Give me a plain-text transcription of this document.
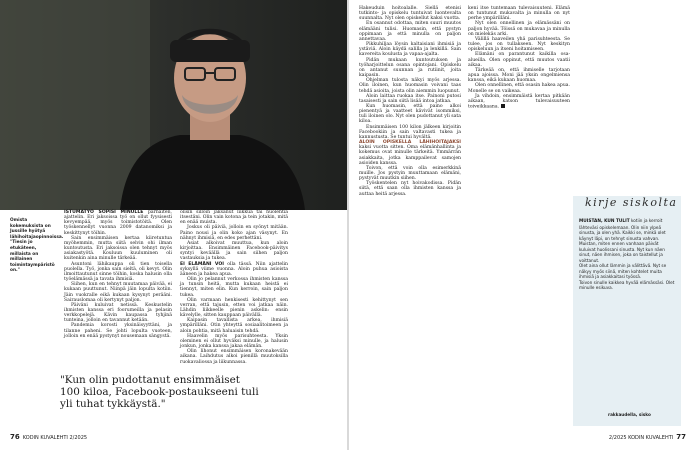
Omista kokemuksista on Jussille hyötyä lähihoitajaopinnoissa. "Tiesin jo etukäteen, millaista on millainen toimintaympäristö on."

ISTUMATYÖ SOPISI MINULLE parhaiten, ajattelin. Eri jaksoissa työ on ollut fyysisesti kevyempää, myös toimistotöitä. Olen työskennellyt vuonna 2009 datanomiksi ja keskittynyt töihin.

Sain ensimmäisen kertaa kiiretuntua myöhemmin, mutta siitä selvin ohi ilman kuntoutusta. Eri jaksoissa olen tehnyt myös asiakastyötä. Kouluun kuuluminen oli kuitenkin aina minulle tärkeää.

Asuntoni lähikauppa oli tien toisella puolella. Työ, jonka sain sieltä, oli kevyt. Olin ilmoittautunut sinne töihin, koska halusin olla työelämässä ja tavata ihmisiä.

Siihen, kun en tehnyt muutamaa päivää, ei kukaan puuttunut. Niinpä jäin lopulta kotiin. Jäin vuokralle eikä kukaan kysynyt perääni. Sairauslomaa oli kertynyt paljon.

Päiväni kuluivat netissä. Keskustelin ihmisten kanssa eri foorumeilla ja pelasin verkkopelejä. Kävin kaupassa tyhjinä tunteina, jolloin en tavannut ketään.

Pandemia korosti yksinäisyyttäni, ja tilanne paheni. Se johti lopulta vuoteen, jolloin en enää pystynyt nousemaan sängystä.

olisin silloin jaksanut liikkua tai huolehtia itsestäni. Olin vain kotona ja tein jotakin, mitä en enää muista.

Joskus oli päiviä, jolloin en syönyt mitään. Paino nousi ja olin koko ajan väsynyt. En nähnyt ihmisiä, en edes perhettäni.

Asiat alkoivat muuttua, kun aloin kirjoittaa. Ensimmäinen Facebook-päivitys syntyi keväällä ja sain siihen paljon vastauksia ja tukea.

EI ELÄMÄNI VOI olla tässä. Niin ajattelin syksyllä viime vuonna. Aloin puhua asioista ääneen ja hakea apua.

Olin jo pelannut verkossa ihmisten kanssa ja tunsin heitä, mutta kukaan heistä ei tiennyt, miten elin. Kun kerroin, sain paljon tukea.

Olin varmaan henkisesti kehittynyt sen verran, että tajusin, etten voi jatkaa näin. Lähdin liikkeelle pienin askelin: ensin kävelylle, sitten kauppaan päivällä.

Kaipasin tavallista arkea, ihmisiä ympärilläni. Otin yhteyttä sosiaalitoimeen ja aloin pohtia, mitä haluaisin tehdä.

Haavelin myös parisuhteesta. Yksin oleminen ei ollut hyväksi minulle, ja halusin jonkun, jonka kanssa jakaa elämän.

Olin lihonut ensimmäisen koronakevään aikana. Laihdutus alkoi pienillä muutoksilla ruokavaliossa ja liikunnassa.

"Kun olin pudottanut ensimmäiset 100 kiloa, Facebook-postaukseeni tuli yli tuhat tykkäystä."

Hakeuduin hoitoalalle. Siellä etenisi tutkinto- ja opiskelu tuntuivat luontevalta suunnalta. Nyt olen opiskellut kaksi vuotta.

En osannut odottaa, miten suuri muutos elämääni tulisi. Huomasin, että pystyn oppimaan ja että minulla on paljon annettavaa.

Pikkuhiljaa löysin kaltaisiani ihmisiä ja ystäviä. Aloin käydä salilla ja lenkillä. Sain kavereita koulusta ja vapaa-ajalta.

Pidän mukaan kuntoutuksen ja työharjoittelun osana opintojani. Opiskelu on antanut suunnan ja rutiinit, joita kaipasin.

Ohjelman tulosta näkyi myös arjessa. Olin iloinen, kun huomasin voivani taas tehdä asioita, joista olin aiemmin luopunut.

Aloin laittaa ruokaa itse. Painoni putosi tasaisesti ja sain siitä lisää intoa jatkaa.

Kun huomasin, että paino alkoi pienentyä ja vaatteet kävivät isommiksi, tuli iloinen olo. Nyt olen pudottanut yli sata kiloa.

Ensimmäisen 100 kilon jälkeen kirjoitin Facebookiin ja sain valtavasti tukea ja kannustusta. Se tuntui hyvältä.

ALOIN OPISKELLA LÄHIHOITAJAKSI kaksi vuotta sitten. Oma elämänhallinta ja kokemus ovat minulle tärkeitä. Ymmärrän asiakkaita, jotka kamppailevat samojen asioiden kanssa.

Toivon, että voin olla esimerkkinä muille. Jos pystyin muuttamaan elämäni, pystyvät muutkin siihen.

Työskentelen nyt hoivakodissa. Pidän siitä, että saan olla ihmisten kanssa ja auttaa heitä arjessa.

keni itse tuntemaan tulevaisuuteni. Elämä on tuntunut mukavalta ja minulla on nyt perhe ympärilläni.

Nyt olen onnellinen ja elämässäni on paljon hyvää. Töissä on mukavaa ja minulla on mielekäs arki.

Välillä haaveilen yhä parisuhteesta. Se tulee, jos on tullakseen. Nyt keskityn opiskeluun ja itseni hoitamiseen.

Elämäni on parantunut kaikilla osa-alueilla. Olen oppinut, että muutos vaatii aikaa.

Tärkeää on, että ihmiselle tarjotaan apua ajoissa. Moni jää yksin ongelmiensa kanssa, eikä kukaan huomaa.

Olen onnellinen, että osasin hakea apua. Monelle se on vaikeaa.

Ja vihdoin, ensimmäistä kertaa pitkään aikaan, katson tulevaisuuteen toiveikkaana.

kirje siskolta

MUISTAN, KUN TULIT kotiin ja kerroit lähteväsi opiskelemaan. Olin niin ylpeä sinusta, ja olen yhä. Kaikki se, minkä olet käynyt läpi, on tehnyt sinusta vahvan.

Muistan, miten ennen vanhaan päivät kuluivat huolissani sinusta. Nyt kun näen sinut, näen ihmisen, joka on taistellut ja voittanut.

Olet aina ollut lämmin ja välittävä. Nyt se näkyy myös siinä, miten kohtelet muita ihmisiä ja asiakkaitasi työssä.

Toivon sinulle kaikkea hyvää elämässäsi. Olet minulle esikuva.

rakkaudella, sisko
76 KODIN KUVALEHTI 2/2025	2/2025 KODIN KUVALEHTI 77
